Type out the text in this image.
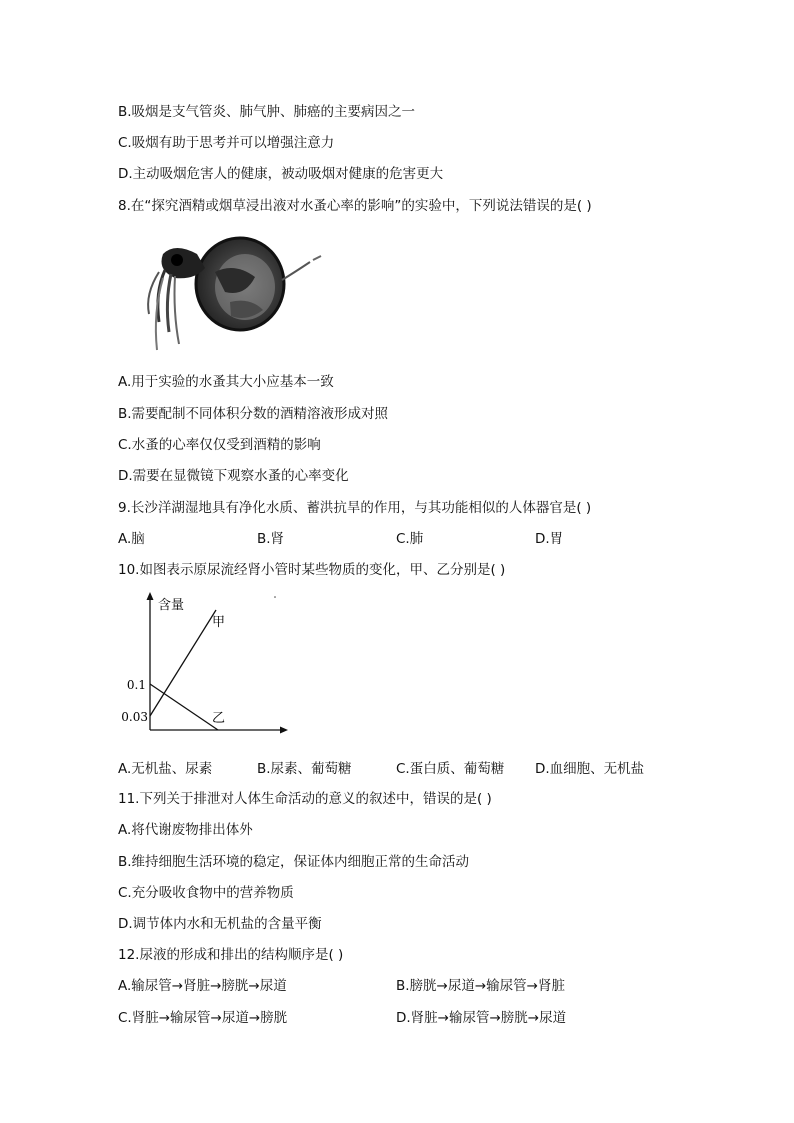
B.吸烟是支气管炎、肺气肿、肺癌的主要病因之一
C.吸烟有助于思考并可以增强注意力
D.主动吸烟危害人的健康，被动吸烟对健康的危害更大
8.在“探究酒精或烟草浸出液对水蚤心率的影响”的实验中，下列说法错误的是( )
A.用于实验的水蚤其大小应基本一致
B.需要配制不同体积分数的酒精溶液形成对照
C.水蚤的心率仅仅受到酒精的影响
D.需要在显微镜下观察水蚤的心率变化
9.长沙洋湖湿地具有净化水质、蓄洪抗旱的作用，与其功能相似的人体器官是( )
A.脑	B.肾	C.肺	D.胃
10.如图表示原尿流经肾小管时某些物质的变化，甲、乙分别是( )
含量
甲
乙
0.1
0.03
A.无机盐、尿素	B.尿素、葡萄糖	C.蛋白质、葡萄糖 D.血细胞、无机盐
11.下列关于排泄对人体生命活动的意义的叙述中，错误的是( )
A.将代谢废物排出体外
B.维持细胞生活环境的稳定，保证体内细胞正常的生命活动
C.充分吸收食物中的营养物质
D.调节体内水和无机盐的含量平衡
12.尿液的形成和排出的结构顺序是( )
A.输尿管→肾脏→膀胱→尿道	B.膀胱→尿道→输尿管→肾脏
C.肾脏→输尿管→尿道→膀胱	D.肾脏→输尿管→膀胱→尿道
